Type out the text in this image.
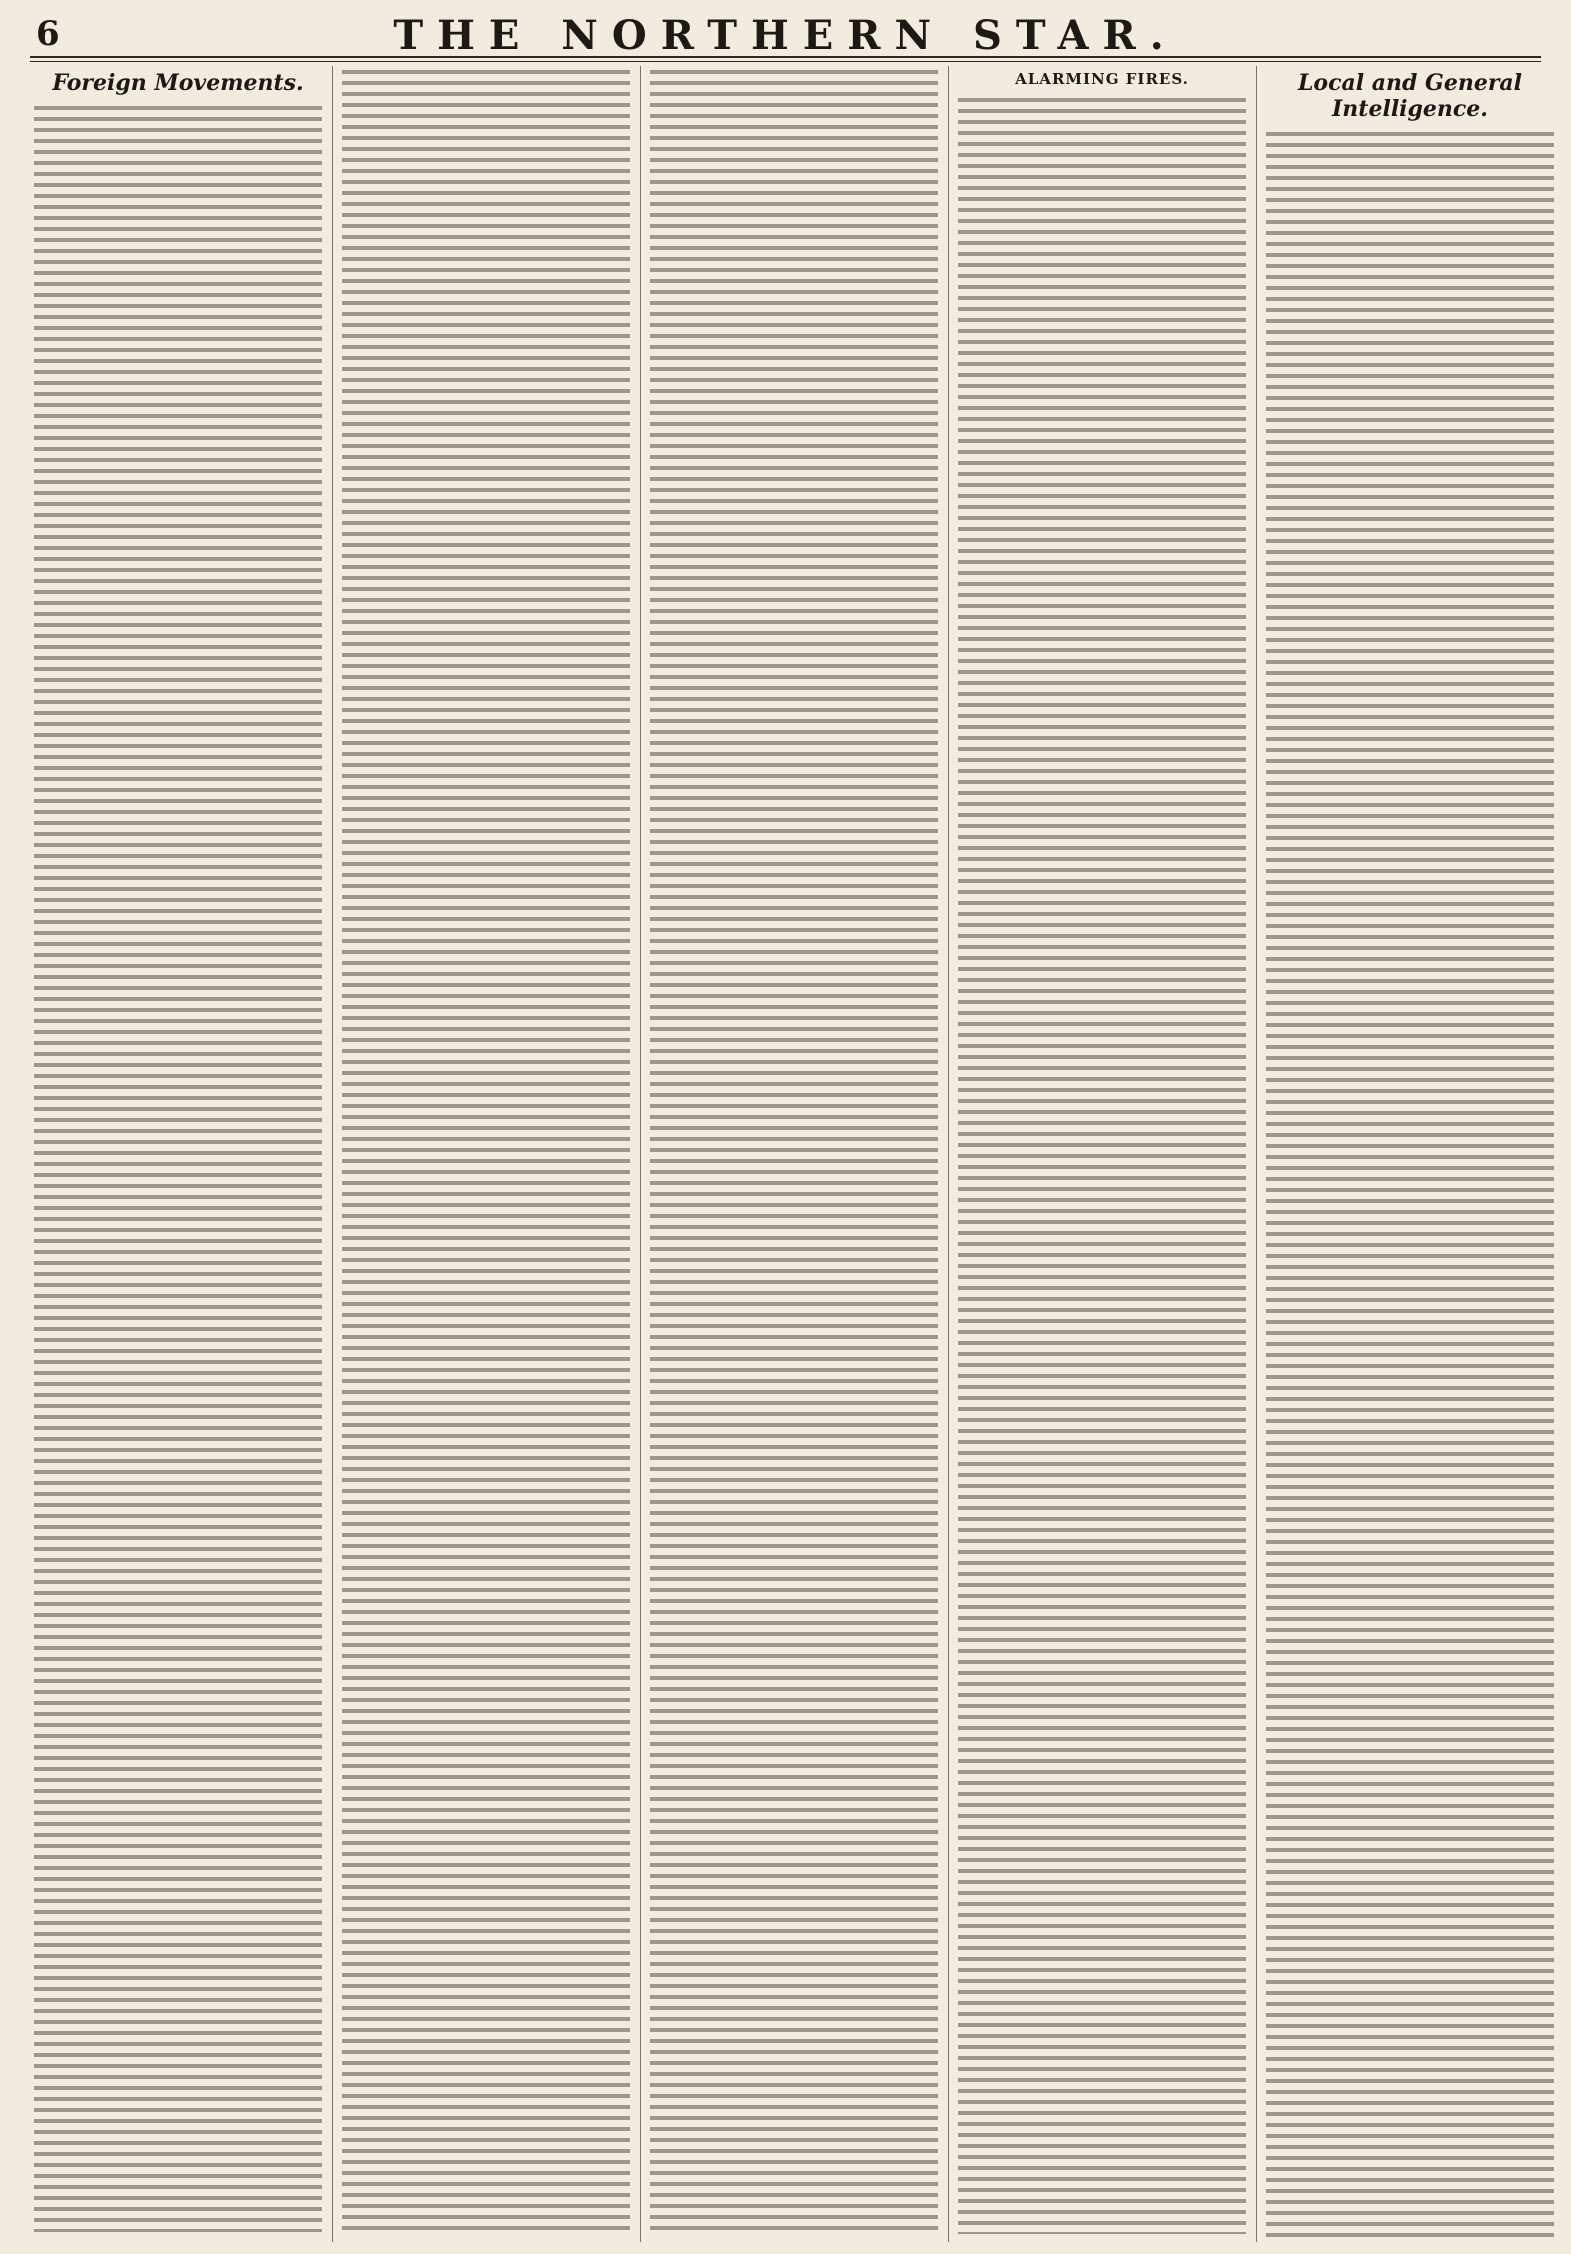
6	THE NORTHERN STAR.
Foreign Movements.	ALARMING FIRES.	Local and General Intelligence.
